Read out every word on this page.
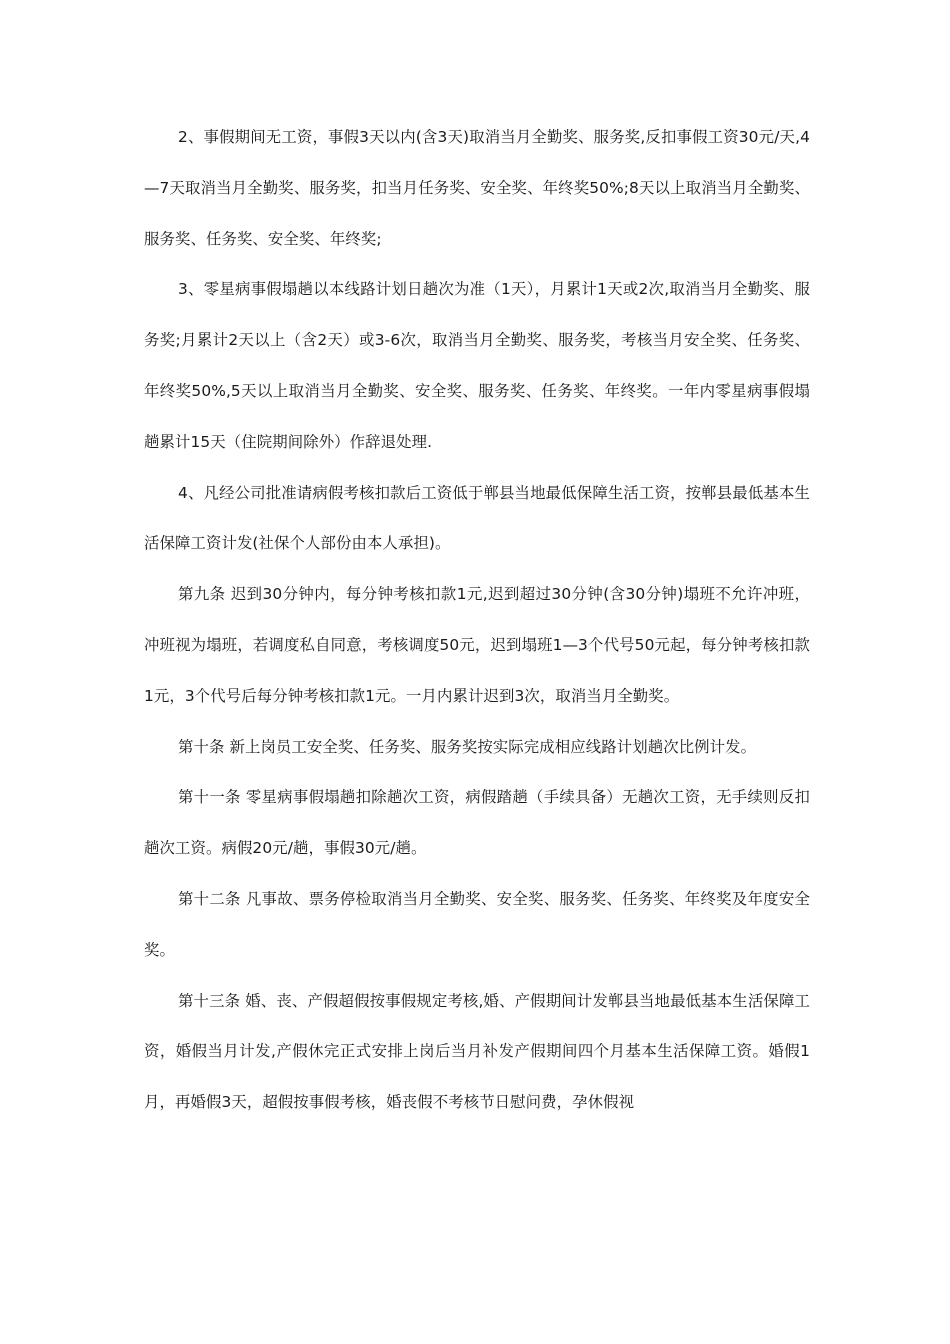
2、事假期间无工资，事假3天以内(含3天)取消当月全勤奖、服务奖,反扣事假工资30元/天,4—7天取消当月全勤奖、服务奖，扣当月任务奖、安全奖、年终奖50%;8天以上取消当月全勤奖、服务奖、任务奖、安全奖、年终奖;

3、零星病事假塌趟以本线路计划日趟次为准（1天），月累计1天或2次,取消当月全勤奖、服务奖;月累计2天以上（含2天）或3-6次，取消当月全勤奖、服务奖，考核当月安全奖、任务奖、年终奖50%,5天以上取消当月全勤奖、安全奖、服务奖、任务奖、年终奖。一年内零星病事假塌趟累计15天（住院期间除外）作辞退处理.

4、凡经公司批准请病假考核扣款后工资低于郸县当地最低保障生活工资，按郸县最低基本生活保障工资计发(社保个人部份由本人承担)。

第九条 迟到30分钟内，每分钟考核扣款1元,迟到超过30分钟(含30分钟)塌班不允许冲班，冲班视为塌班，若调度私自同意，考核调度50元，迟到塌班1—3个代号50元起，每分钟考核扣款1元，3个代号后每分钟考核扣款1元。一月内累计迟到3次，取消当月全勤奖。

第十条 新上岗员工安全奖、任务奖、服务奖按实际完成相应线路计划趟次比例计发。

第十一条 零星病事假塌趟扣除趟次工资，病假踏趟（手续具备）无趟次工资，无手续则反扣趟次工资。病假20元/趟，事假30元/趟。

第十二条 凡事故、票务停检取消当月全勤奖、安全奖、服务奖、任务奖、年终奖及年度安全奖。

第十三条 婚、丧、产假超假按事假规定考核,婚、产假期间计发郸县当地最低基本生活保障工资，婚假当月计发,产假休完正式安排上岗后当月补发产假期间四个月基本生活保障工资。婚假1月，再婚假3天，超假按事假考核，婚丧假不考核节日慰问费，孕休假视
